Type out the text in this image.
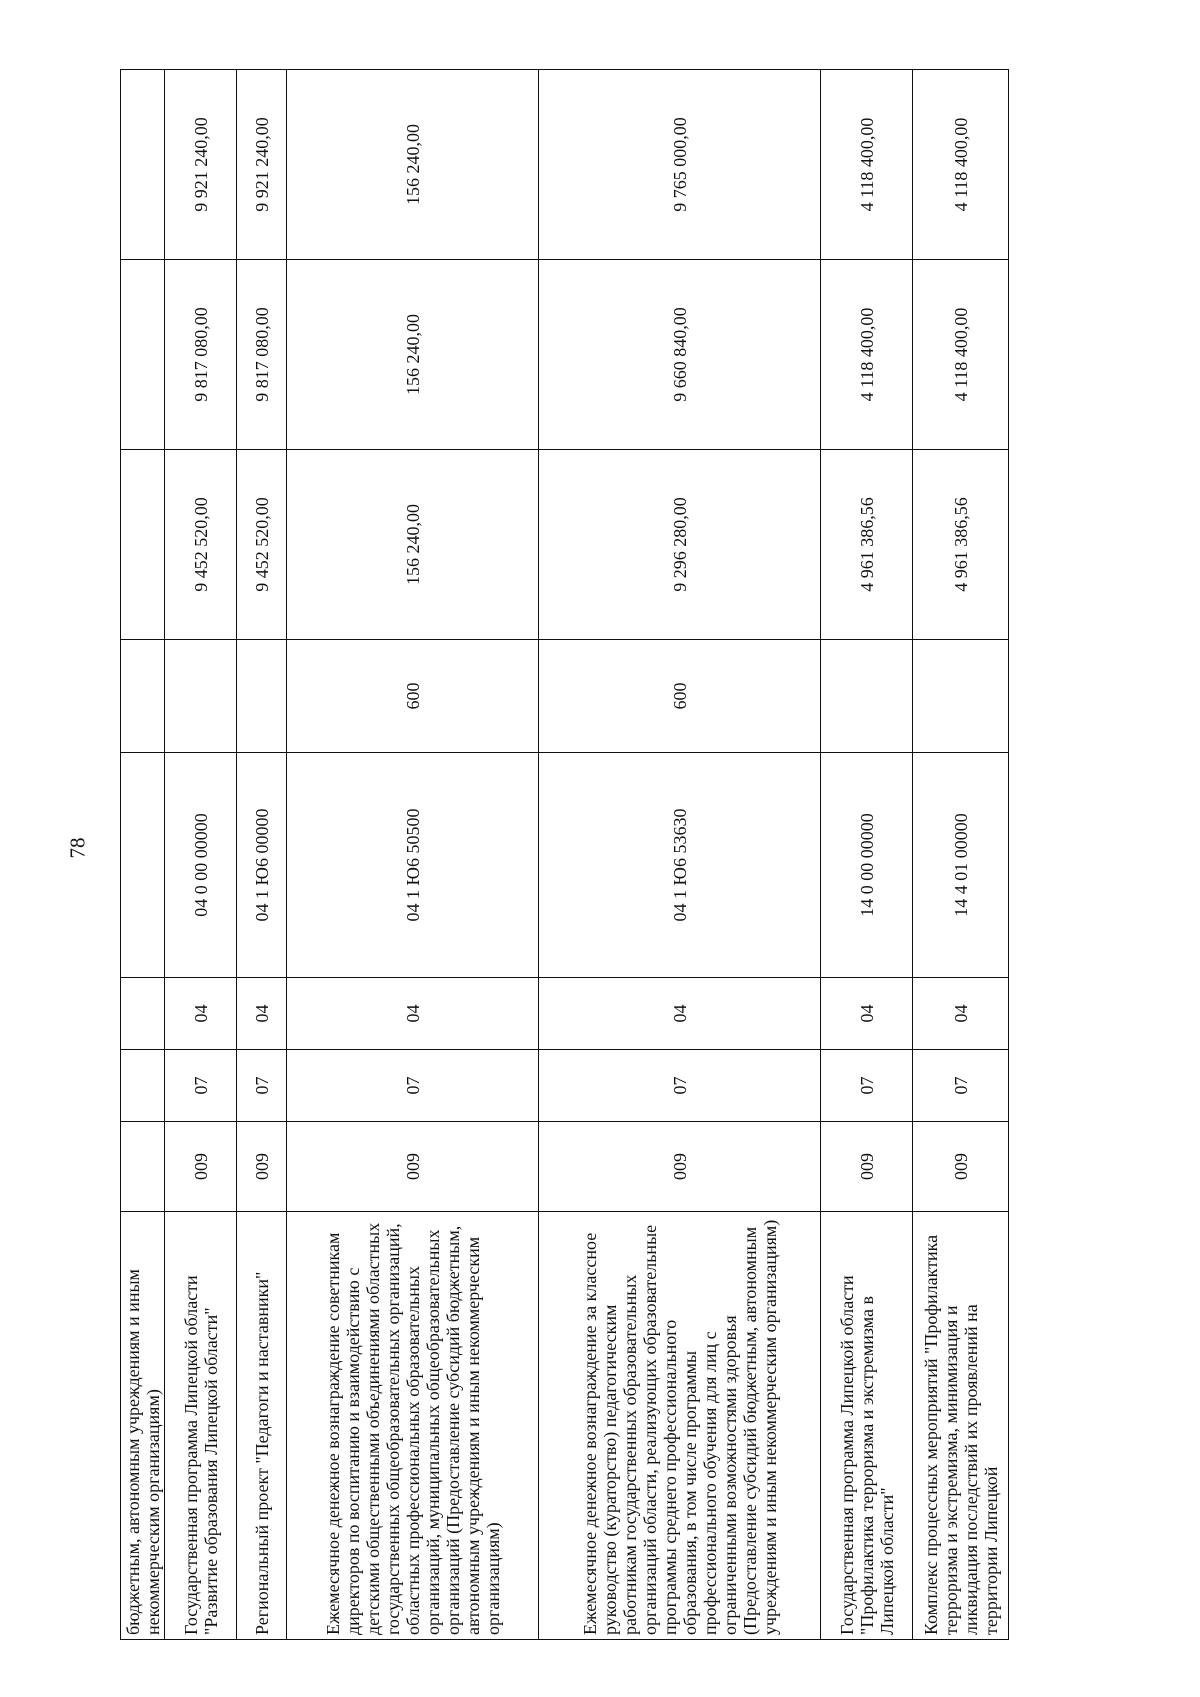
78
бюджетным, автономным учреждениям и иным некоммерческим организациям)								
Государственная программа Липецкой области "Развитие образования Липецкой области"	009	07	04	04 0 00 00000		9 452 520,00	9 817 080,00	9 921 240,00
Региональный проект "Педагоги и наставники"	009	07	04	04 1 Ю6 00000		9 452 520,00	9 817 080,00	9 921 240,00
Ежемесячное денежное вознаграждение советникам директоров по воспитанию и взаимодействию с детскими общественными объединениями областных государственных общеобразовательных организаций, областных профессиональных образовательных организаций, муниципальных общеобразовательных организаций (Предоставление субсидий бюджетным, автономным учреждениям и иным некоммерческим организациям)	009	07	04	04 1 Ю6 50500	600	156 240,00	156 240,00	156 240,00
Ежемесячное денежное вознаграждение за классное руководство (кураторство) педагогическим работникам государственных образовательных организаций области, реализующих образовательные программы среднего профессионального образования, в том числе программы профессионального обучения для лиц с ограниченными возможностями здоровья (Предоставление субсидий бюджетным, автономным учреждениям и иным некоммерческим организациям)	009	07	04	04 1 Ю6 53630	600	9 296 280,00	9 660 840,00	9 765 000,00
Государственная программа Липецкой области "Профилактика терроризма и экстремизма в Липецкой области"	009	07	04	14 0 00 00000		4 961 386,56	4 118 400,00	4 118 400,00
Комплекс процессных мероприятий "Профилактика терроризма и экстремизма, минимизация и ликвидация последствий их проявлений на территории Липецкой	009	07	04	14 4 01 00000		4 961 386,56	4 118 400,00	4 118 400,00
